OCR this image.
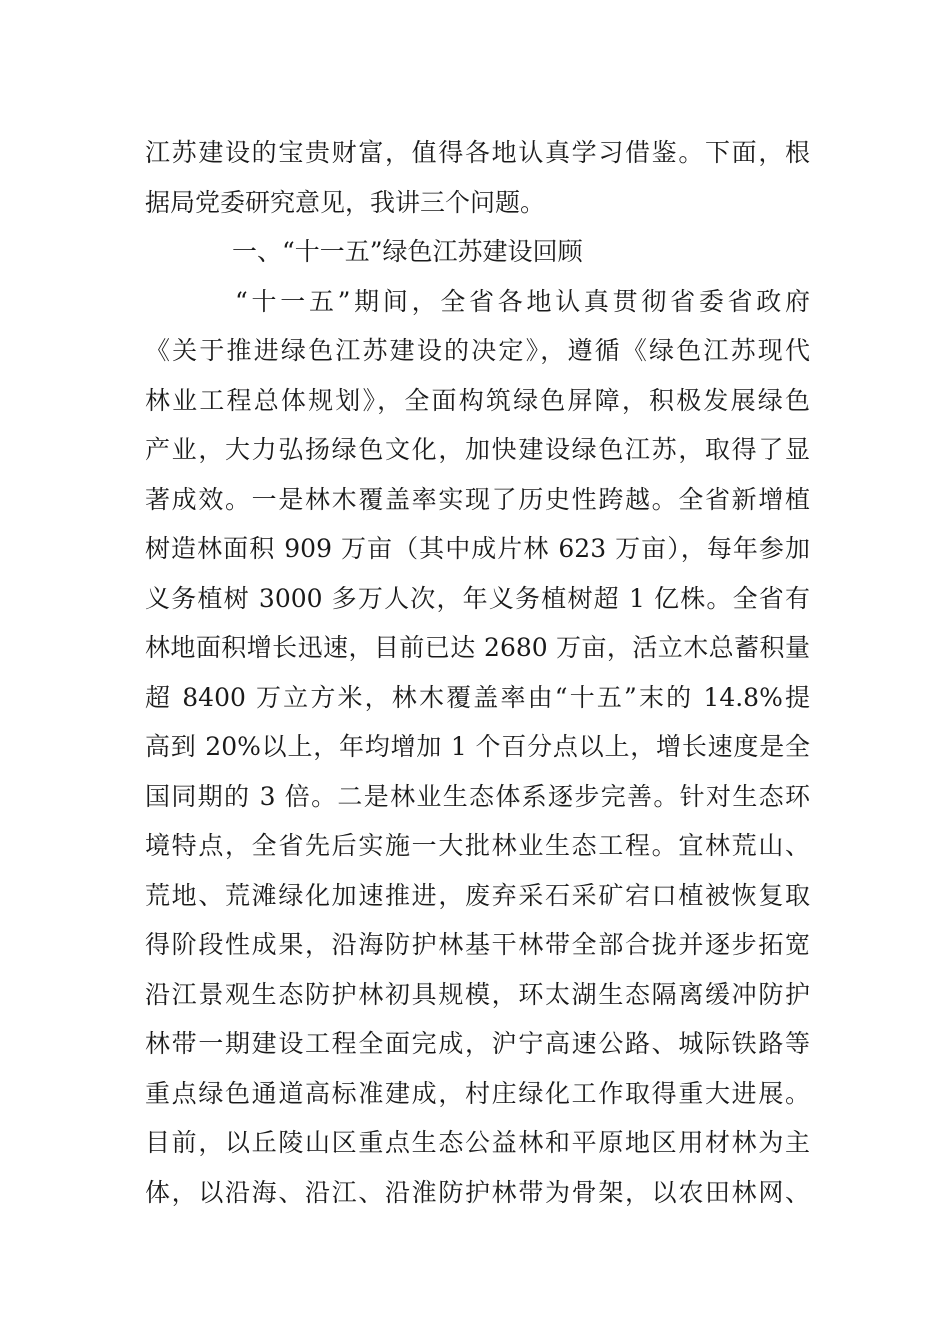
江苏建设的宝贵财富，值得各地认真学习借鉴。下面，根
据局党委研究意见，我讲三个问题。
一、“十一五”绿色江苏建设回顾
“十一五”期间，全省各地认真贯彻省委省政府
《关于推进绿色江苏建设的决定》，遵循《绿色江苏现代
林业工程总体规划》，全面构筑绿色屏障，积极发展绿色
产业，大力弘扬绿色文化，加快建设绿色江苏，取得了显
著成效。一是林木覆盖率实现了历史性跨越。全省新增植
树造林面积 909 万亩（其中成片林 623 万亩），每年参加
义务植树 3000 多万人次，年义务植树超 1 亿株。全省有
林地面积增长迅速，目前已达 2680 万亩，活立木总蓄积量
超 8400 万立方米，林木覆盖率由“十五”末的 14.8%提
高到 20%以上，年均增加 1 个百分点以上，增长速度是全
国同期的 3 倍。二是林业生态体系逐步完善。针对生态环
境特点，全省先后实施一大批林业生态工程。宜林荒山、
荒地、荒滩绿化加速推进，废弃采石采矿宕口植被恢复取
得阶段性成果，沿海防护林基干林带全部合拢并逐步拓宽
沿江景观生态防护林初具规模，环太湖生态隔离缓冲防护
林带一期建设工程全面完成，沪宁高速公路、城际铁路等
重点绿色通道高标准建成，村庄绿化工作取得重大进展。
目前，以丘陵山区重点生态公益林和平原地区用材林为主
体，以沿海、沿江、沿淮防护林带为骨架，以农田林网、
